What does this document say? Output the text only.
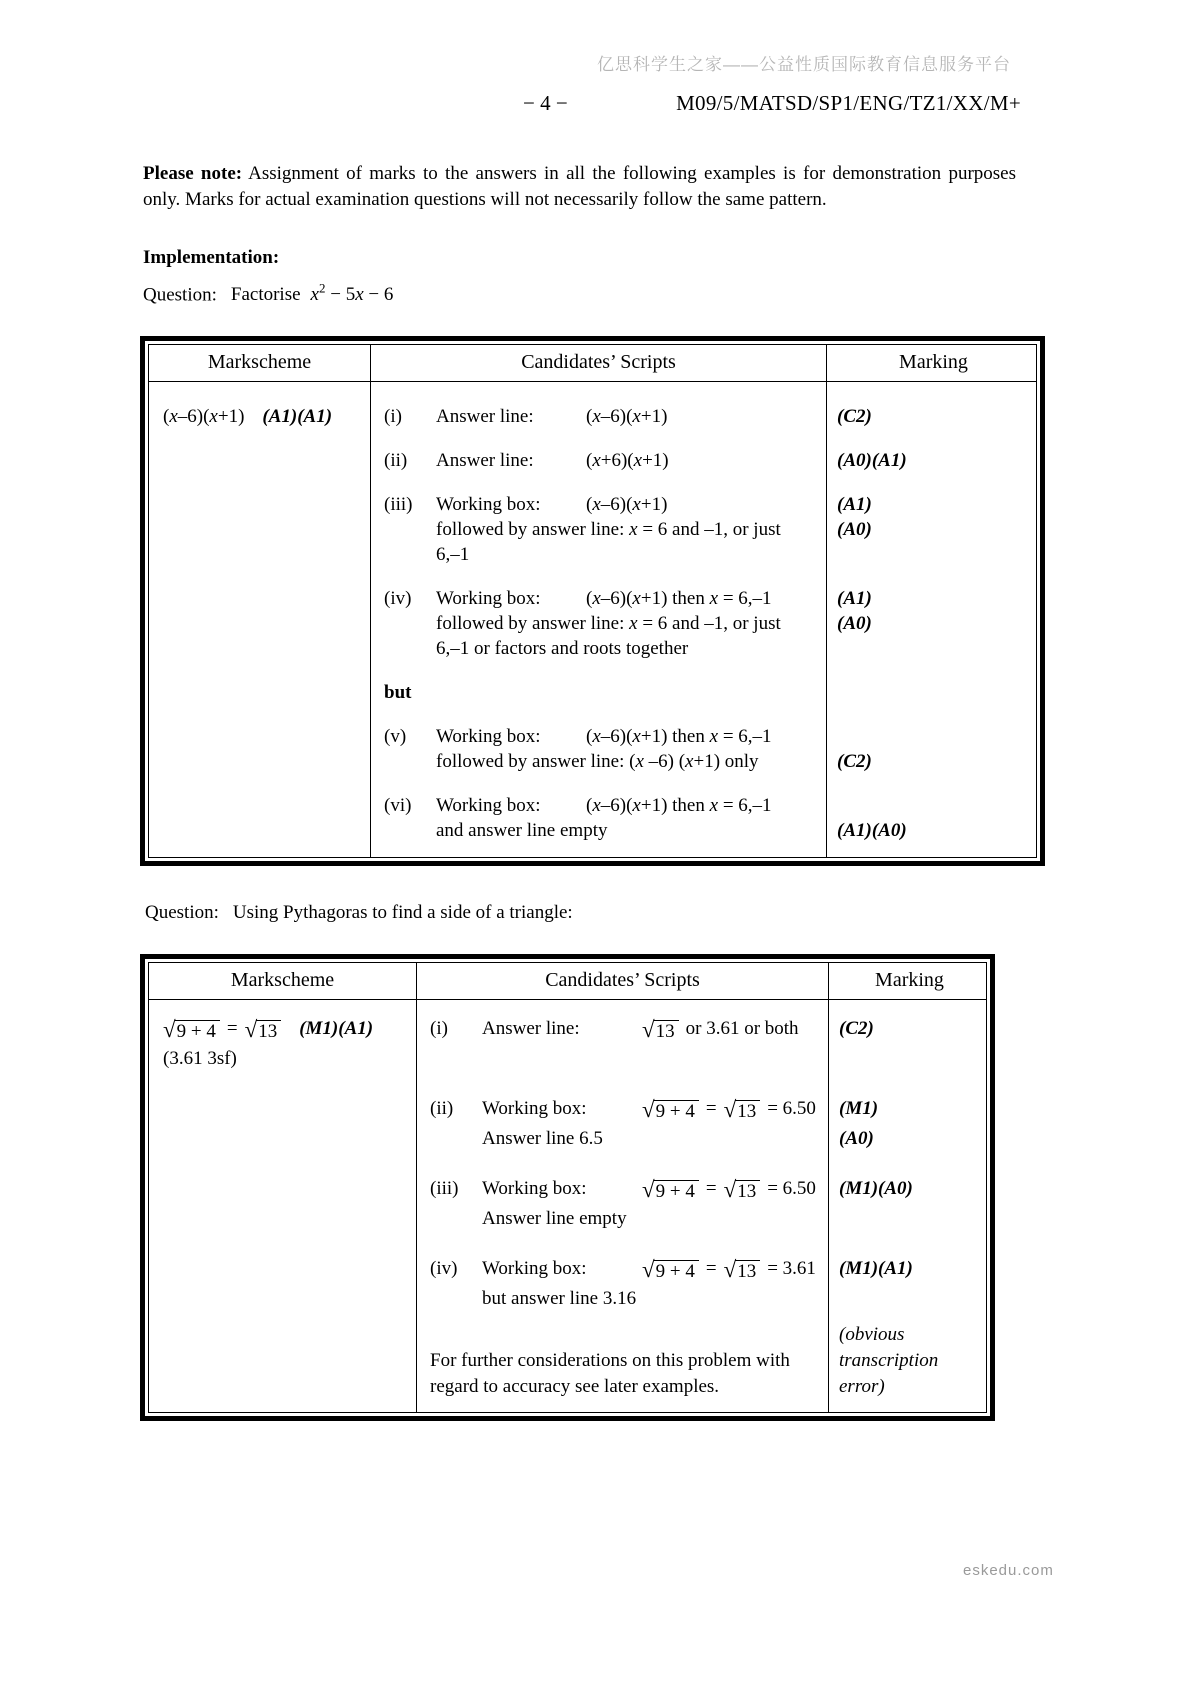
亿思科学生之家——公益性质国际教育信息服务平台
− 4 −	M09/5/MATSD/SP1/ENG/TZ1/XX/M+

Please note: Assignment of marks to the answers in all the following examples is for demonstration purposes only. Marks for actual examination questions will not necessarily follow the same pattern.

Implementation:

Question: Factorise $x^2 - 5x - 6$

Markscheme	Candidates’ Scripts	Marking
(x–6)(x+1) (A1)(A1)	(i)	Answer line:	(x–6)(x+1)	(C2)
(ii)	Answer line:	(x+6)(x+1)	(A0)(A1)
(iii)	Working box:	(x–6)(x+1)	(A1)
followed by answer line: x = 6 and –1, or just	(A0)
6,–1
(iv)	Working box:	(x–6)(x+1) then x = 6,–1	(A1)
followed by answer line: x = 6 and –1, or just	(A0)
6,–1 or factors and roots together
but
(v)	Working box:	(x–6)(x+1) then x = 6,–1
followed by answer line: (x –6) (x+1) only	(C2)
(vi)	Working box:	(x–6)(x+1) then x = 6,–1
and answer line empty	(A1)(A0)

Question: Using Pythagoras to find a side of a triangle:

Markscheme	Candidates’ Scripts	Marking
√ 9 + 4 = √ 13 (M1)(A1)	(i)	Answer line:	√ 13 or 3.61 or both	(C2)
(3.61 3sf)
(ii)	Working box:	√ 9 + 4 = √ 13 = 6.50	(M1)
Answer line 6.5	(A0)
(iii)	Working box:	√ 9 + 4 = √ 13 = 6.50	(M1)(A0)
Answer line empty
(iv)	Working box:	√ 9 + 4 = √ 13 = 3.61	(M1)(A1)
but answer line 3.16
(obvious
For further considerations on this problem with	transcription
regard to accuracy see later examples.	error)
eskedu.com
